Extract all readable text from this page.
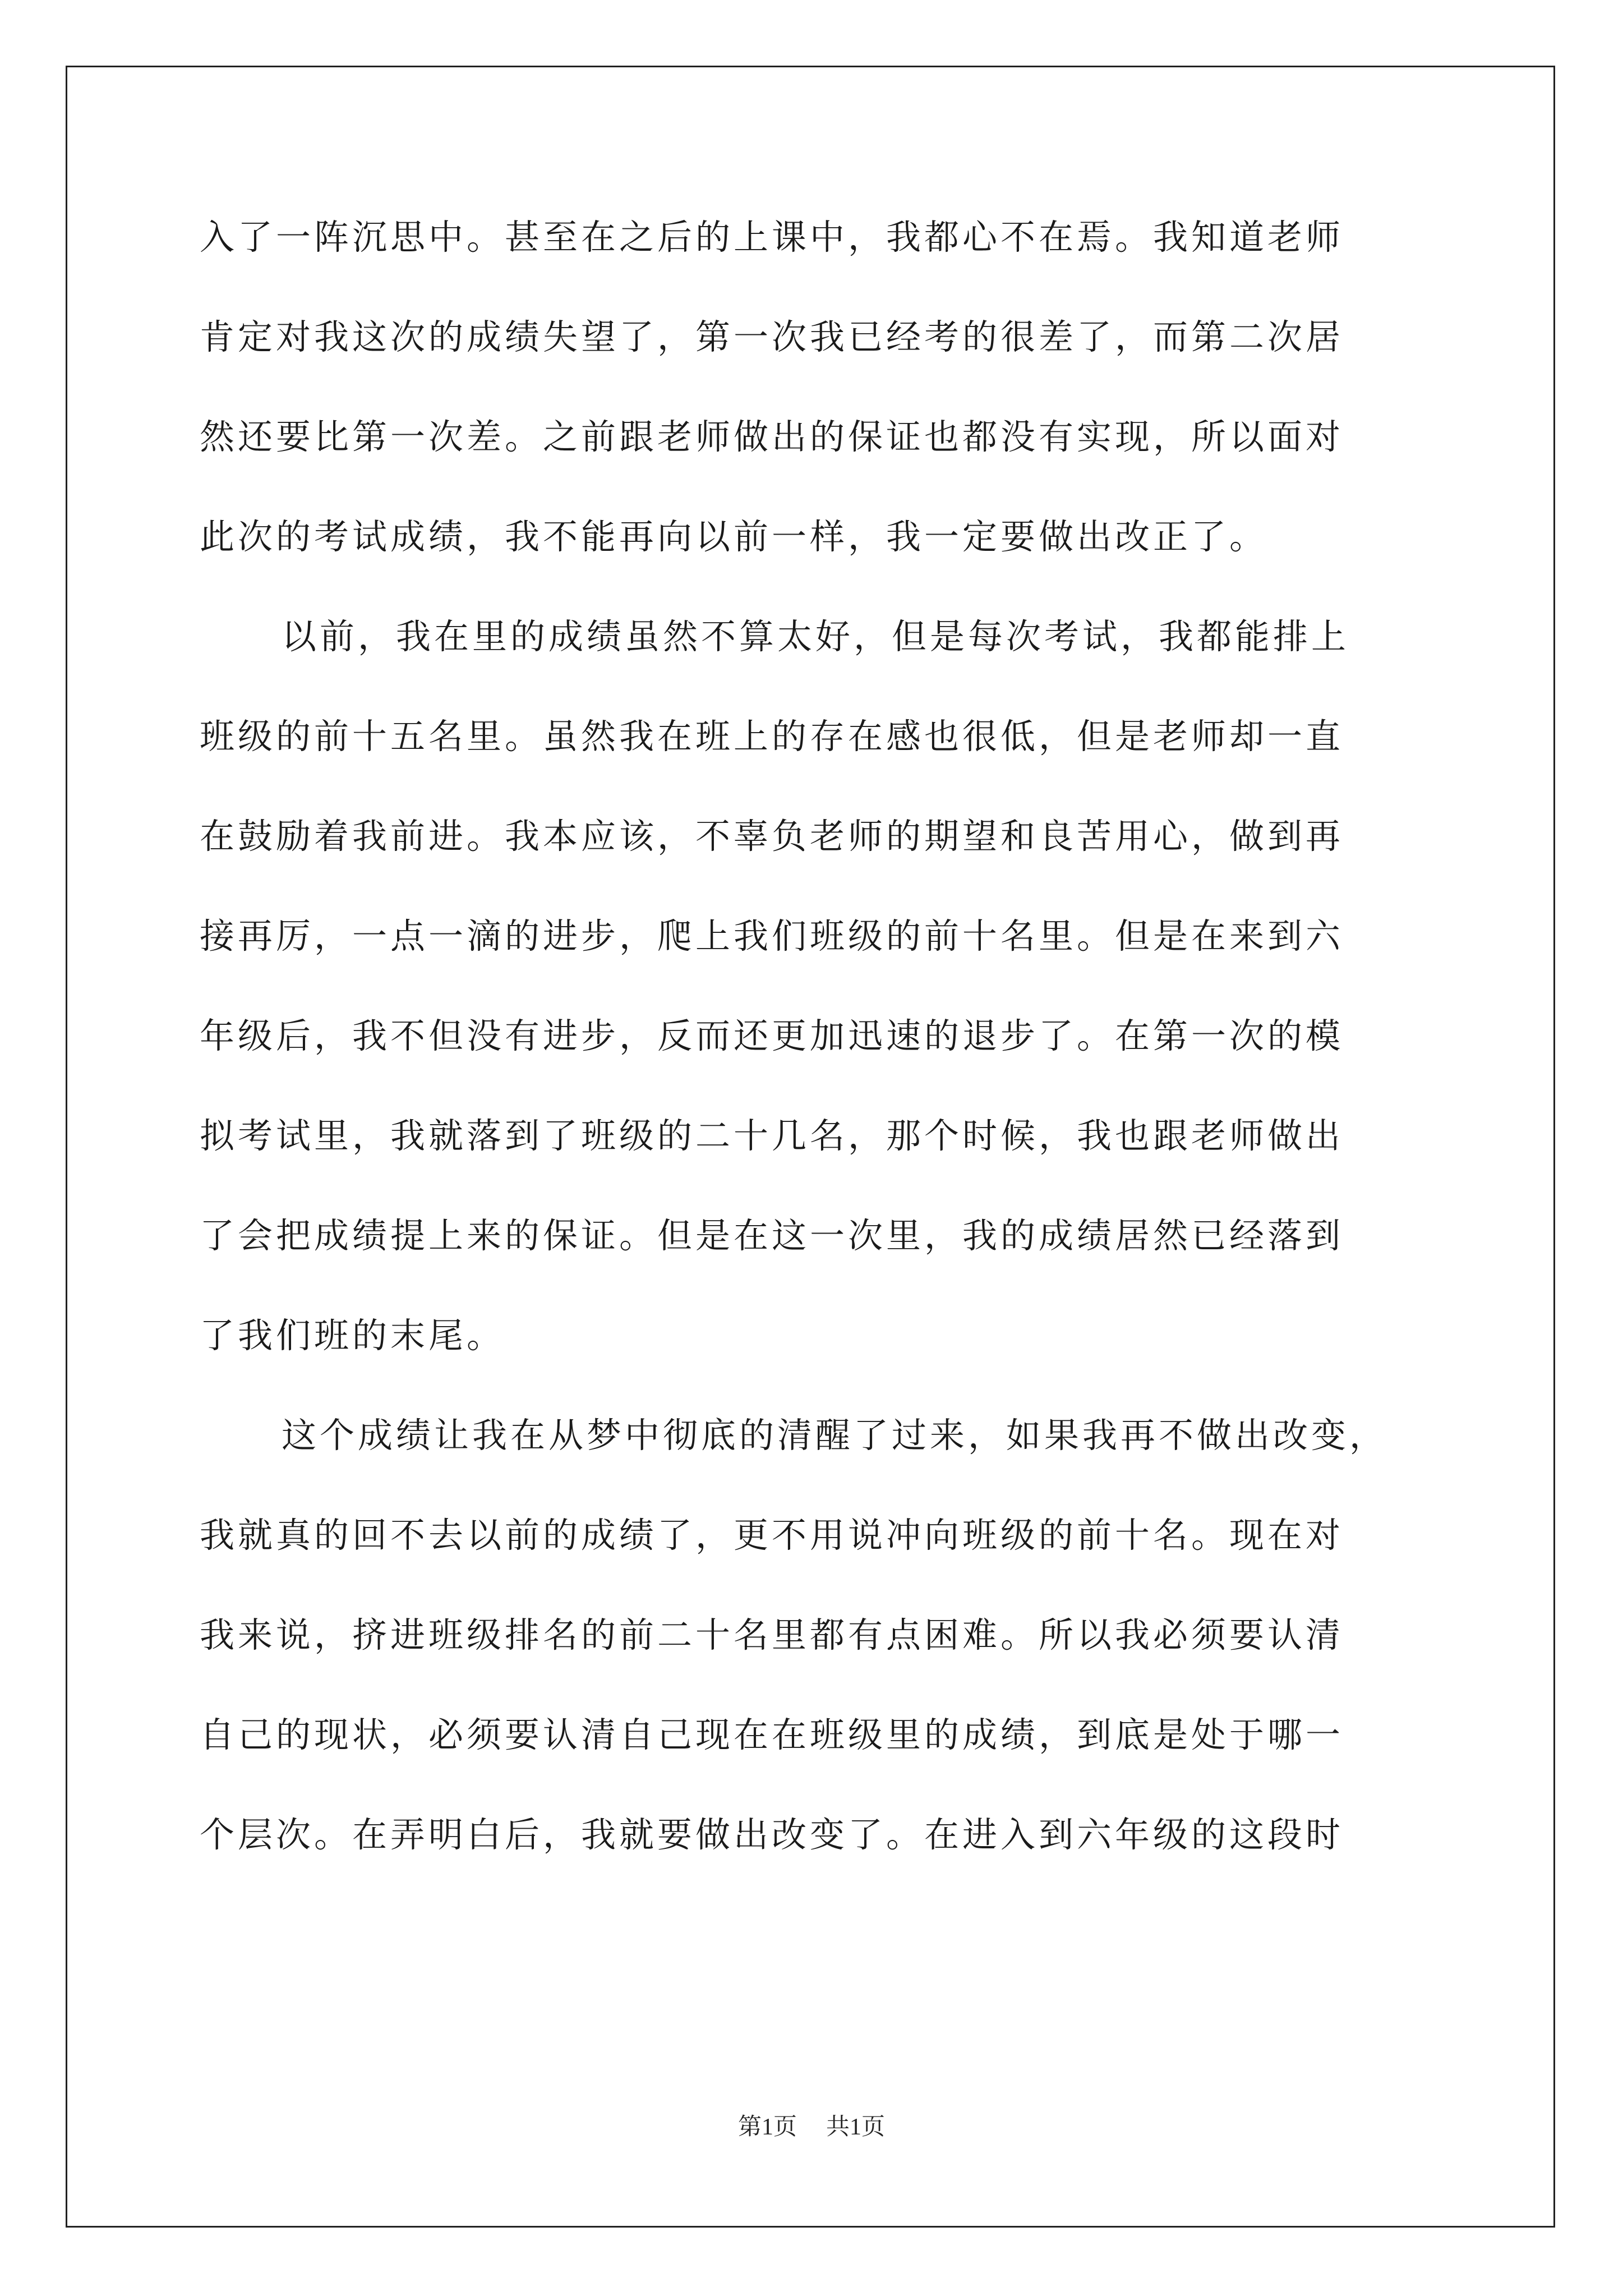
入了一阵沉思中。甚至在之后的上课中，我都心不在焉。我知道老师
肯定对我这次的成绩失望了，第一次我已经考的很差了，而第二次居
然还要比第一次差。之前跟老师做出的保证也都没有实现，所以面对
此次的考试成绩，我不能再向以前一样，我一定要做出改正了。
以前，我在里的成绩虽然不算太好，但是每次考试，我都能排上
班级的前十五名里。虽然我在班上的存在感也很低，但是老师却一直
在鼓励着我前进。我本应该，不辜负老师的期望和良苦用心，做到再
接再厉，一点一滴的进步，爬上我们班级的前十名里。但是在来到六
年级后，我不但没有进步，反而还更加迅速的退步了。在第一次的模
拟考试里，我就落到了班级的二十几名，那个时候，我也跟老师做出
了会把成绩提上来的保证。但是在这一次里，我的成绩居然已经落到
了我们班的末尾。
这个成绩让我在从梦中彻底的清醒了过来，如果我再不做出改变，
我就真的回不去以前的成绩了，更不用说冲向班级的前十名。现在对
我来说，挤进班级排名的前二十名里都有点困难。所以我必须要认清
自己的现状，必须要认清自己现在在班级里的成绩，到底是处于哪一
个层次。在弄明白后，我就要做出改变了。在进入到六年级的这段时
第1页 共1页
